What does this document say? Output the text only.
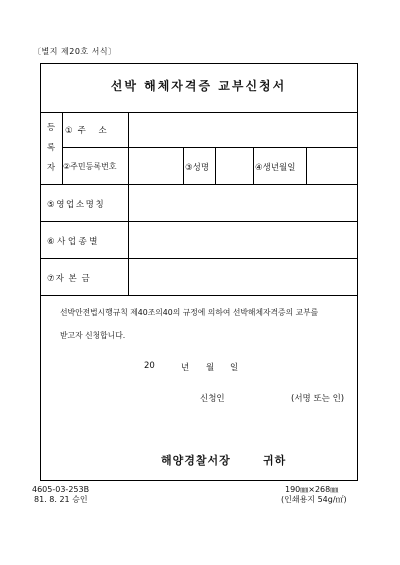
〔별지 제20호 서식〕
선박 해체자격증 교부신청서
등
록
자
①주 소
②주민등록번호	③성명	④생년월일
⑤영업소명칭
⑥사업종별
⑦자 본 금
선박안전법시행규칙 제40조의40의 규정에 의하여 선박해체자격증의 교부를
받고자 신청합니다.
20	년 월 일
신청인	(서명 또는 인)
해양경찰서장	귀하
4605-03-253B
81. 8. 21 승인
190㎜×268㎜
(인쇄용지 54g/㎡)
